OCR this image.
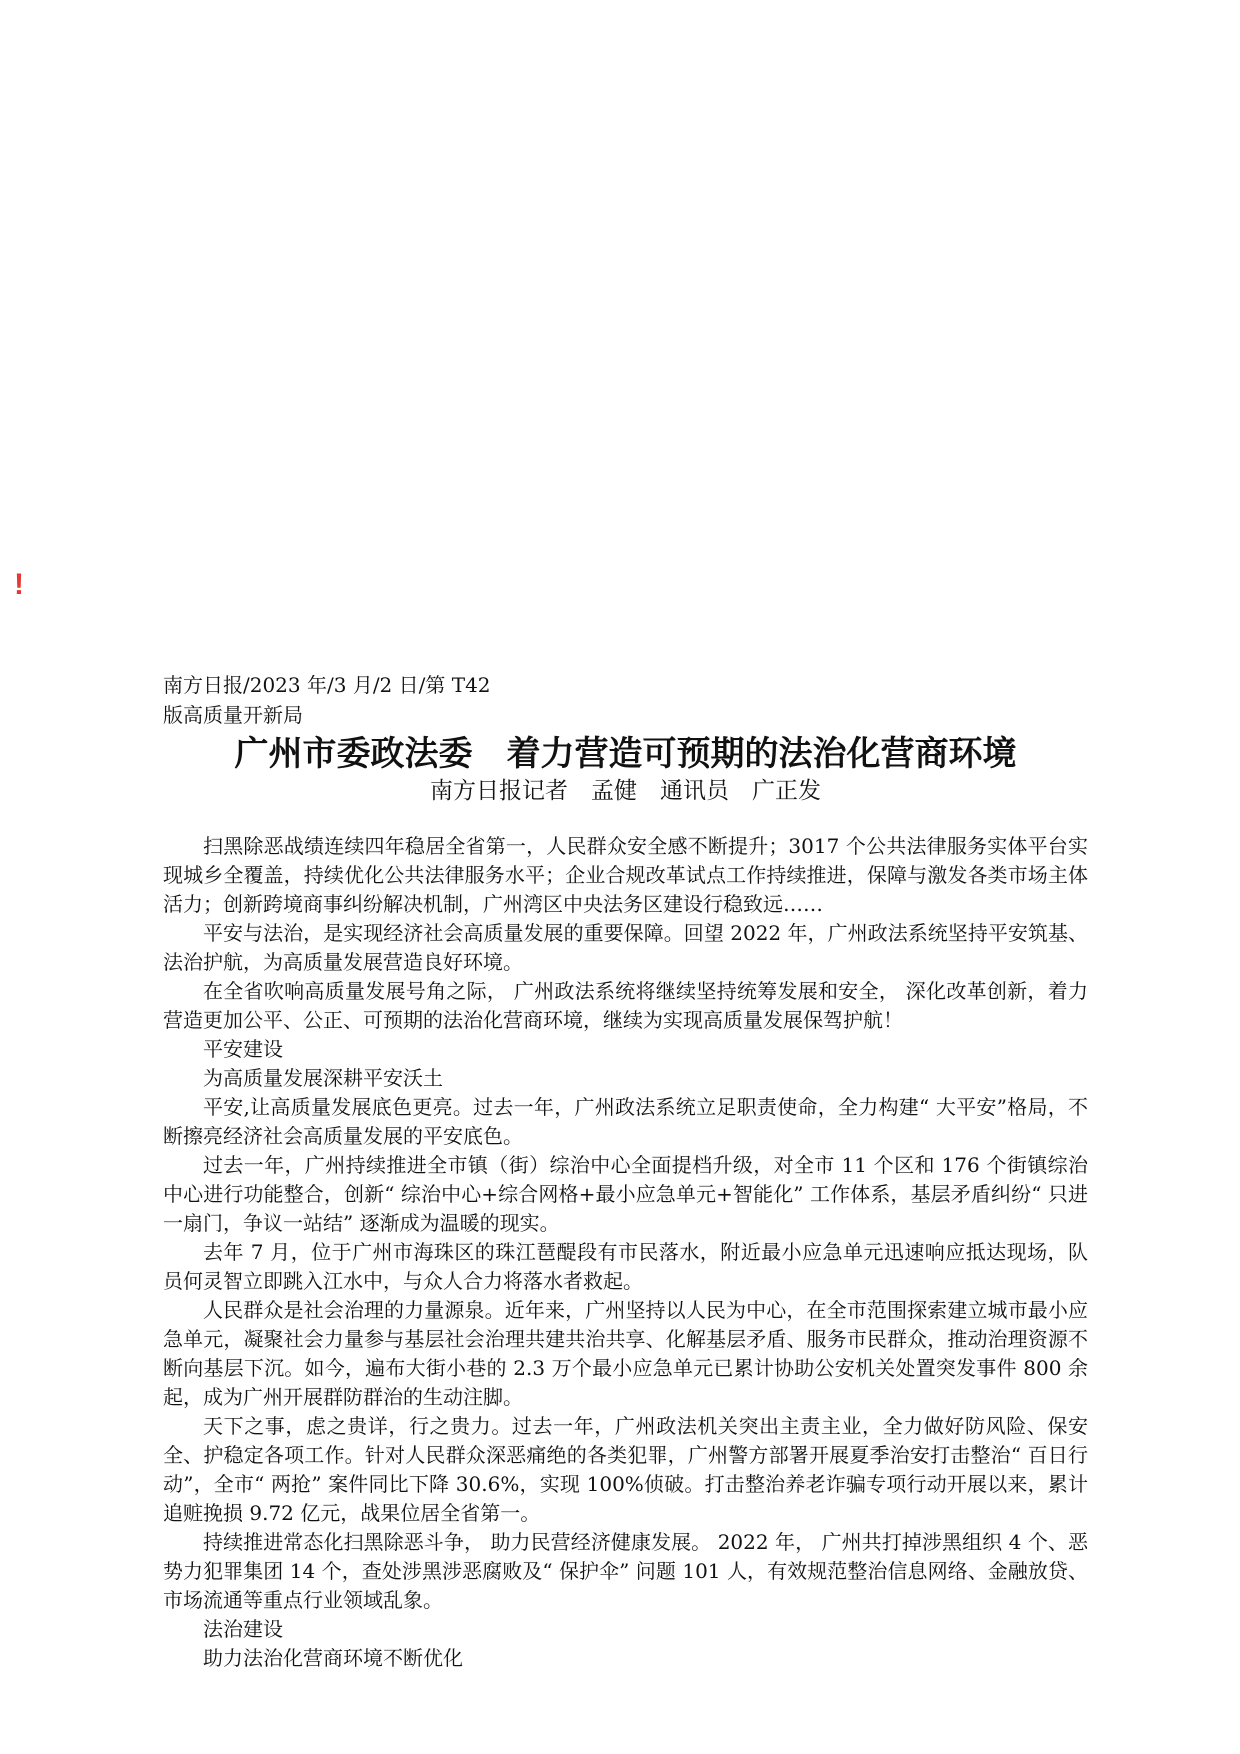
!
南方日报/2023 年/3 月/2 日/第 T42
版高质量开新局
广州市委政法委　着力营造可预期的法治化营商环境
南方日报记者　孟健　通讯员　广正发

扫黑除恶战绩连续四年稳居全省第一，人民群众安全感不断提升；3017 个公共法律服务实体平台实现城乡全覆盖，持续优化公共法律服务水平；企业合规改革试点工作持续推进，保障与激发各类市场主体活力；创新跨境商事纠纷解决机制，广州湾区中央法务区建设行稳致远……

平安与法治，是实现经济社会高质量发展的重要保障。回望 2022 年，广州政法系统坚持平安筑基、法治护航，为高质量发展营造良好环境。

在全省吹响高质量发展号角之际， 广州政法系统将继续坚持统筹发展和安全， 深化改革创新，着力营造更加公平、公正、可预期的法治化营商环境，继续为实现高质量发展保驾护航！

平安建设

为高质量发展深耕平安沃土

平安,让高质量发展底色更亮。过去一年，广州政法系统立足职责使命，全力构建“ 大平安”格局，不断擦亮经济社会高质量发展的平安底色。

过去一年，广州持续推进全市镇（街）综治中心全面提档升级，对全市 11 个区和 176 个街镇综治中心进行功能整合，创新“ 综治中心+综合网格+最小应急单元+智能化” 工作体系，基层矛盾纠纷“ 只进一扇门，争议一站结” 逐渐成为温暖的现实。

去年 7 月，位于广州市海珠区的珠江琶醍段有市民落水，附近最小应急单元迅速响应抵达现场，队员何灵智立即跳入江水中，与众人合力将落水者救起。

人民群众是社会治理的力量源泉。近年来，广州坚持以人民为中心，在全市范围探索建立城市最小应急单元，凝聚社会力量参与基层社会治理共建共治共享、化解基层矛盾、服务市民群众，推动治理资源不断向基层下沉。如今，遍布大街小巷的 2.3 万个最小应急单元已累计协助公安机关处置突发事件 800 余起，成为广州开展群防群治的生动注脚。

天下之事，虑之贵详，行之贵力。过去一年，广州政法机关突出主责主业，全力做好防风险、保安全、护稳定各项工作。针对人民群众深恶痛绝的各类犯罪，广州警方部署开展夏季治安打击整治“ 百日行动”，全市“ 两抢” 案件同比下降 30.6%，实现 100%侦破。打击整治养老诈骗专项行动开展以来，累计追赃挽损 9.72 亿元，战果位居全省第一。

持续推进常态化扫黑除恶斗争， 助力民营经济健康发展。 2022 年， 广州共打掉涉黑组织 4 个、恶势力犯罪集团 14 个，查处涉黑涉恶腐败及“ 保护伞” 问题 101 人，有效规范整治信息网络、金融放贷、市场流通等重点行业领域乱象。

法治建设

助力法治化营商环境不断优化
